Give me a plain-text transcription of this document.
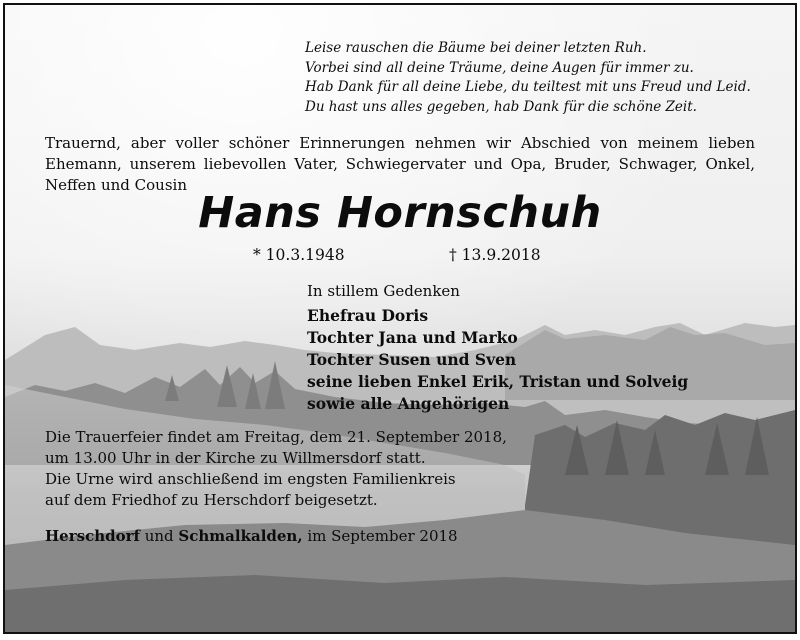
Leise rauschen die Bäume bei deiner letzten Ruh.
Vorbei sind all deine Träume, deine Augen für immer zu.
Hab Dank für all deine Liebe, du teiltest mit uns Freud und Leid.
Du hast uns alles gegeben, hab Dank für die schöne Zeit.
Trauernd, aber voller schöner Erinnerungen nehmen wir Abschied von meinem lieben
Ehemann, unserem liebevollen Vater, Schwiegervater und Opa, Bruder, Schwager, Onkel,
Neffen und Cousin
Hans Hornschuh
* 10.3.1948	† 13.9.2018
In stillem Gedenken
Ehefrau Doris
Tochter Jana und Marko
Tochter Susen und Sven
seine lieben Enkel Erik, Tristan und Solveig
sowie alle Angehörigen
Die Trauerfeier findet am Freitag, dem 21. September 2018,
um 13.00 Uhr in der Kirche zu Willmersdorf statt.
Die Urne wird anschließend im engsten Familienkreis
auf dem Friedhof zu Herschdorf beigesetzt.
Herschdorf und Schmalkalden, im September 2018
